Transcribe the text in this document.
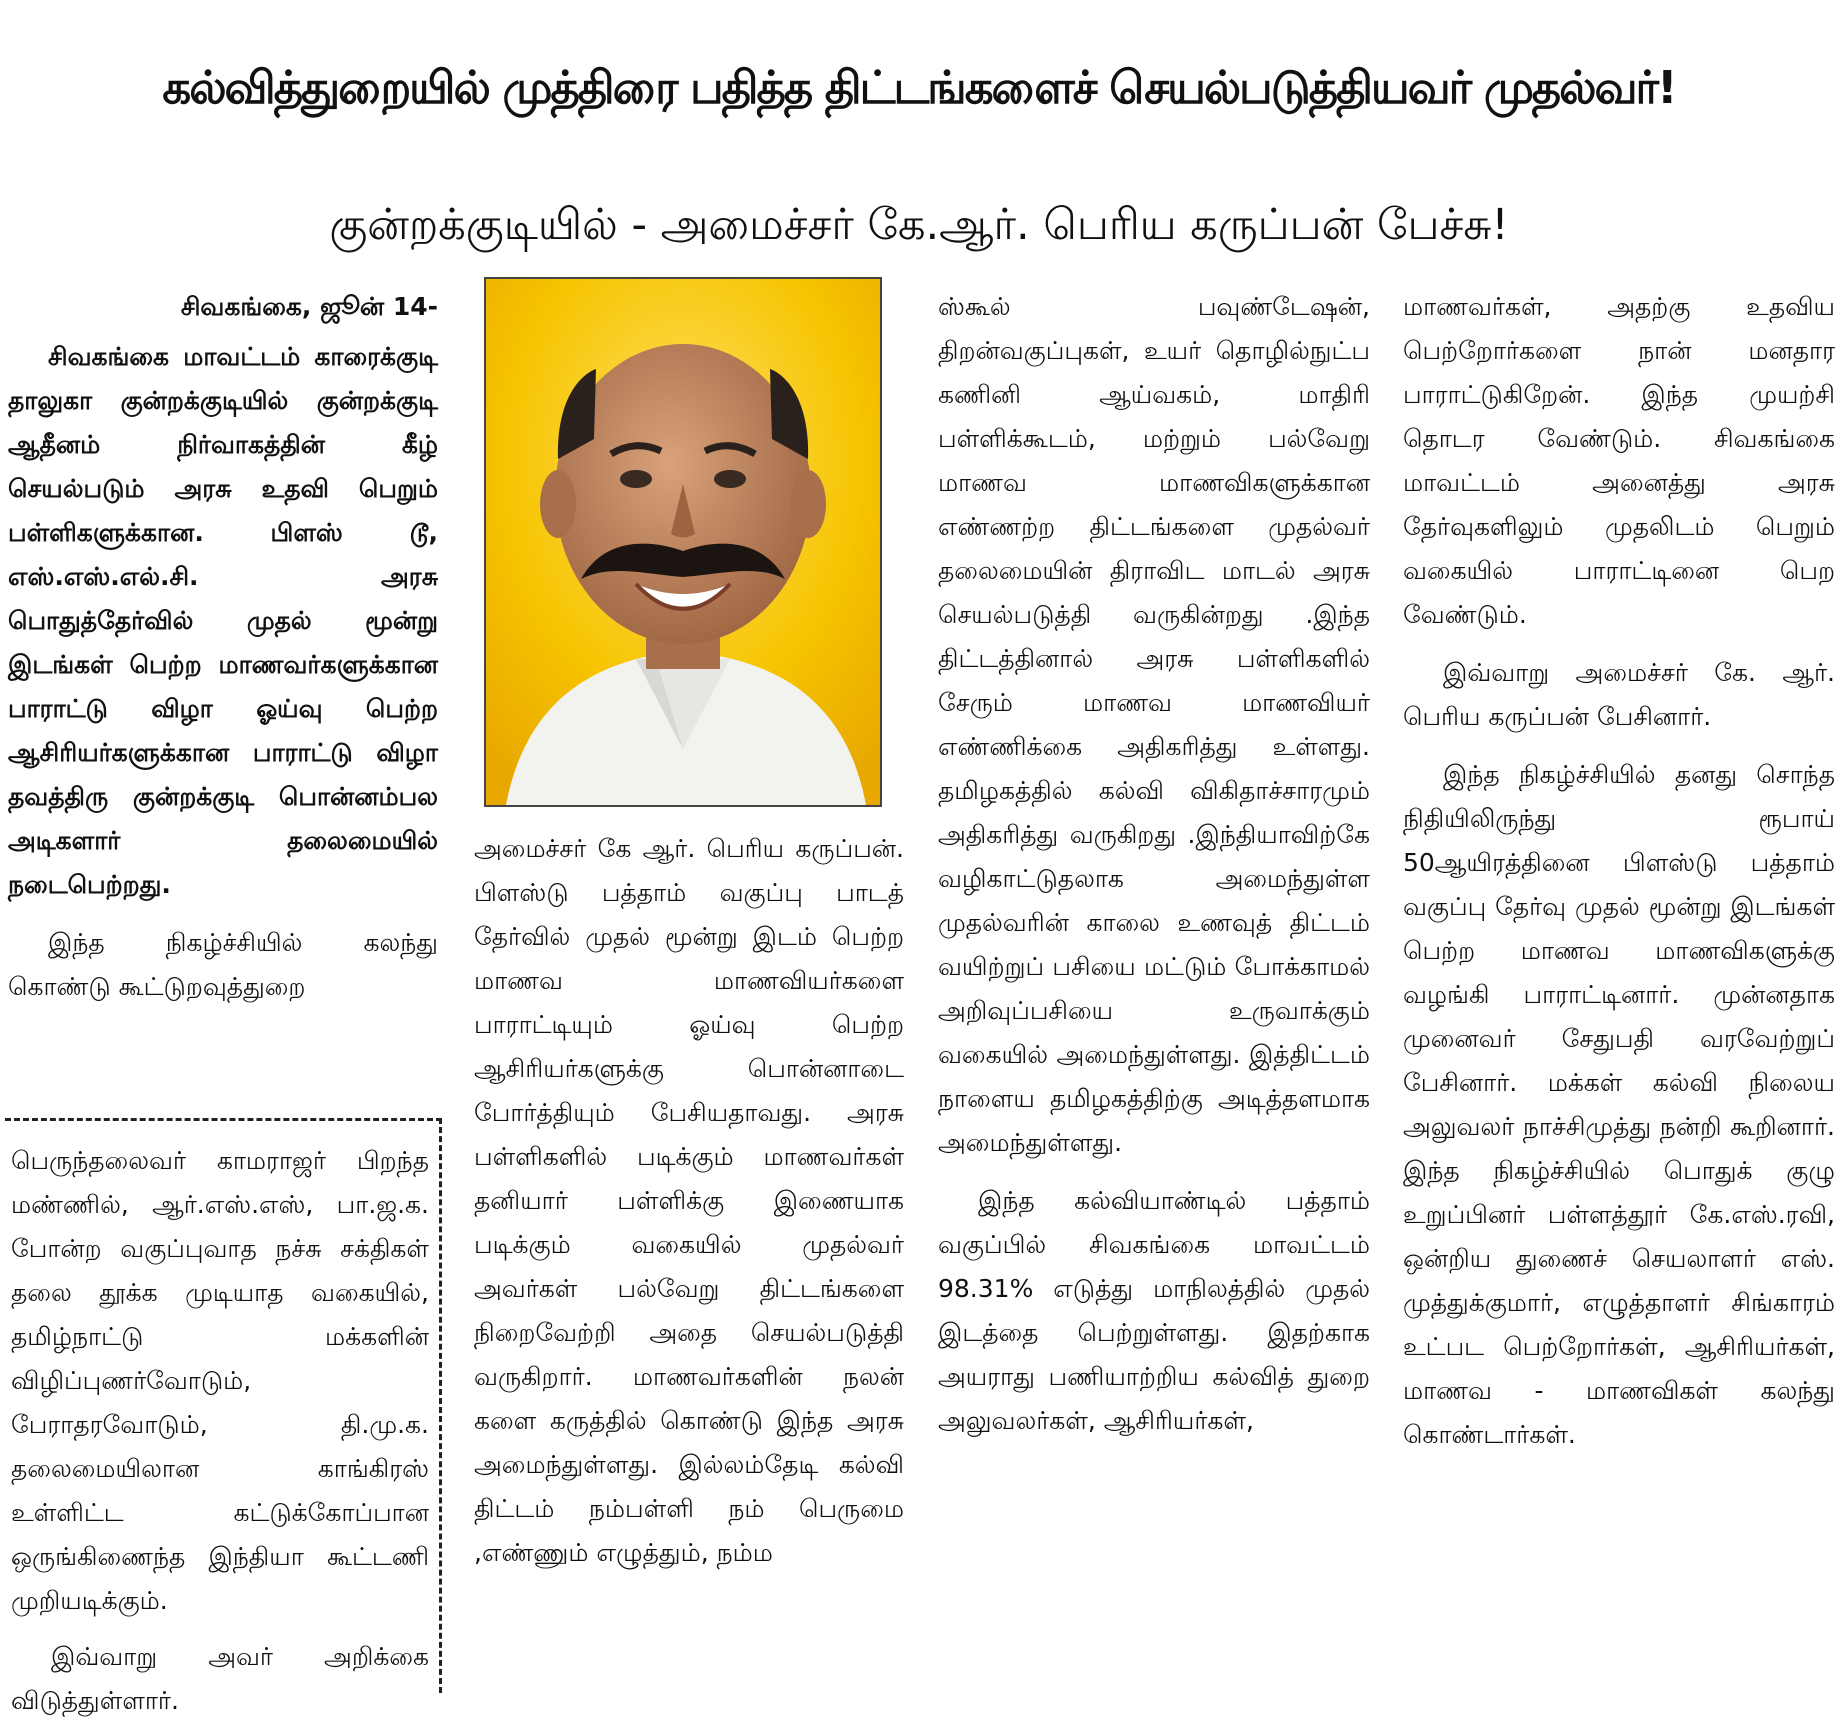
கல்வித்துறையில் முத்திரை பதித்த திட்டங்களைச் செயல்படுத்தியவர் முதல்வர்!
குன்றக்குடியில் - அமைச்சர் கே.ஆர். பெரிய கருப்பன் பேச்சு!
சிவகங்கை, ஜூன் 14-

சிவகங்கை மாவட்டம் காரைக்குடி தாலுகா குன்றக்குடியில் குன்றக்குடி ஆதீனம் நிர்வாகத்தின் கீழ் செயல்படும் அரசு உதவி பெறும் பள்ளிகளுக்கான. பிளஸ் டூ, எஸ்.எஸ்.எல்.சி. அரசு பொதுத்தேர்வில் முதல் மூன்று இடங்கள் பெற்ற மாணவர்களுக்கான பாராட்டு விழா ஓய்வு பெற்ற ஆசிரியர்களுக்கான பாராட்டு விழா தவத்திரு குன்றக்குடி பொன்னம்பல அடிகளார் தலைமையில் நடைபெற்றது.

இந்த நிகழ்ச்சியில் கலந்து கொண்டு கூட்டுறவுத்துறை

பெருந்தலைவர் காமராஜர் பிறந்த மண்ணில், ஆர்.எஸ்.எஸ், பா.ஜ.க. போன்ற வகுப்புவாத நச்சு சக்திகள் தலை தூக்க முடியாத வகையில், தமிழ்நாட்டு மக்களின் விழிப்புணர்வோடும், பேராதரவோடும், தி.மு.க. தலைமையிலான காங்கிரஸ் உள்ளிட்ட கட்டுக்கோப்பான ஒருங்கிணைந்த இந்தியா கூட்டணி முறியடிக்கும்.

இவ்வாறு அவர் அறிக்கை விடுத்துள்ளார்.

அமைச்சர் கே ஆர். பெரிய கருப்பன். பிளஸ்டு பத்தாம் வகுப்பு பாடத் தேர்வில் முதல் மூன்று இடம் பெற்ற மாணவ மாணவியர்களை பாராட்டியும் ஓய்வு பெற்ற ஆசிரியர்களுக்கு பொன்னாடை போர்த்தியும் பேசியதாவது. அரசு பள்ளிகளில் படிக்கும் மாணவர்கள் தனியார் பள்ளிக்கு இணையாக படிக்கும் வகையில் முதல்வர் அவர்கள் பல்வேறு திட்டங்களை நிறைவேற்றி அதை செயல்படுத்தி வருகிறார். மாணவர்களின் நலன் களை கருத்தில் கொண்டு இந்த அரசு அமைந்துள்ளது. இல்லம்தேடி கல்வி திட்டம் நம்பள்ளி நம் பெருமை ,எண்ணும் எழுத்தும், நம்ம

ஸ்கூல் பவுண்டேஷன், திறன்வகுப்புகள், உயர் தொழில்நுட்ப கணினி ஆய்வகம், மாதிரி பள்ளிக்கூடம், மற்றும் பல்வேறு மாணவ மாணவிகளுக்கான எண்ணற்ற திட்டங்களை முதல்வர் தலைமையின் திராவிட மாடல் அரசு செயல்படுத்தி வருகின்றது .இந்த திட்டத்தினால் அரசு பள்ளிகளில் சேரும் மாணவ மாணவியர் எண்ணிக்கை அதிகரித்து உள்ளது. தமிழகத்தில் கல்வி விகிதாச்சாரமும் அதிகரித்து வருகிறது .இந்தியாவிற்கே வழிகாட்டுதலாக அமைந்துள்ள முதல்வரின் காலை உணவுத் திட்டம் வயிற்றுப் பசியை மட்டும் போக்காமல் அறிவுப்பசியை உருவாக்கும் வகையில் அமைந்துள்ளது. இத்திட்டம் நாளைய தமிழகத்திற்கு அடித்தளமாக அமைந்துள்ளது.

இந்த கல்வியாண்டில் பத்தாம் வகுப்பில் சிவகங்கை மாவட்டம் 98.31% எடுத்து மாநிலத்தில் முதல் இடத்தை பெற்றுள்ளது. இதற்காக அயராது பணியாற்றிய கல்வித் துறை அலுவலர்கள், ஆசிரியர்கள்,

மாணவர்கள், அதற்கு உதவிய பெற்றோர்களை நான் மனதார பாராட்டுகிறேன். இந்த முயற்சி தொடர வேண்டும். சிவகங்கை மாவட்டம் அனைத்து அரசு தேர்வுகளிலும் முதலிடம் பெறும் வகையில் பாராட்டினை பெற வேண்டும்.

இவ்வாறு அமைச்சர் கே. ஆர். பெரிய கருப்பன் பேசினார்.

இந்த நிகழ்ச்சியில் தனது சொந்த நிதியிலிருந்து ரூபாய் 50ஆயிரத்தினை பிளஸ்டு பத்தாம் வகுப்பு தேர்வு முதல் மூன்று இடங்கள் பெற்ற மாணவ மாணவிகளுக்கு வழங்கி பாராட்டினார். முன்னதாக முனைவர் சேதுபதி வரவேற்றுப் பேசினார். மக்கள் கல்வி நிலைய அலுவலர் நாச்சிமுத்து நன்றி கூறினார். இந்த நிகழ்ச்சியில் பொதுக் குழு உறுப்பினர் பள்ளத்தூர் கே.எஸ்.ரவி, ஒன்றிய துணைச் செயலாளர் எஸ். முத்துக்குமார், எழுத்தாளர் சிங்காரம் உட்பட பெற்றோர்கள், ஆசிரியர்கள், மாணவ - மாணவிகள் கலந்து கொண்டார்கள்.
